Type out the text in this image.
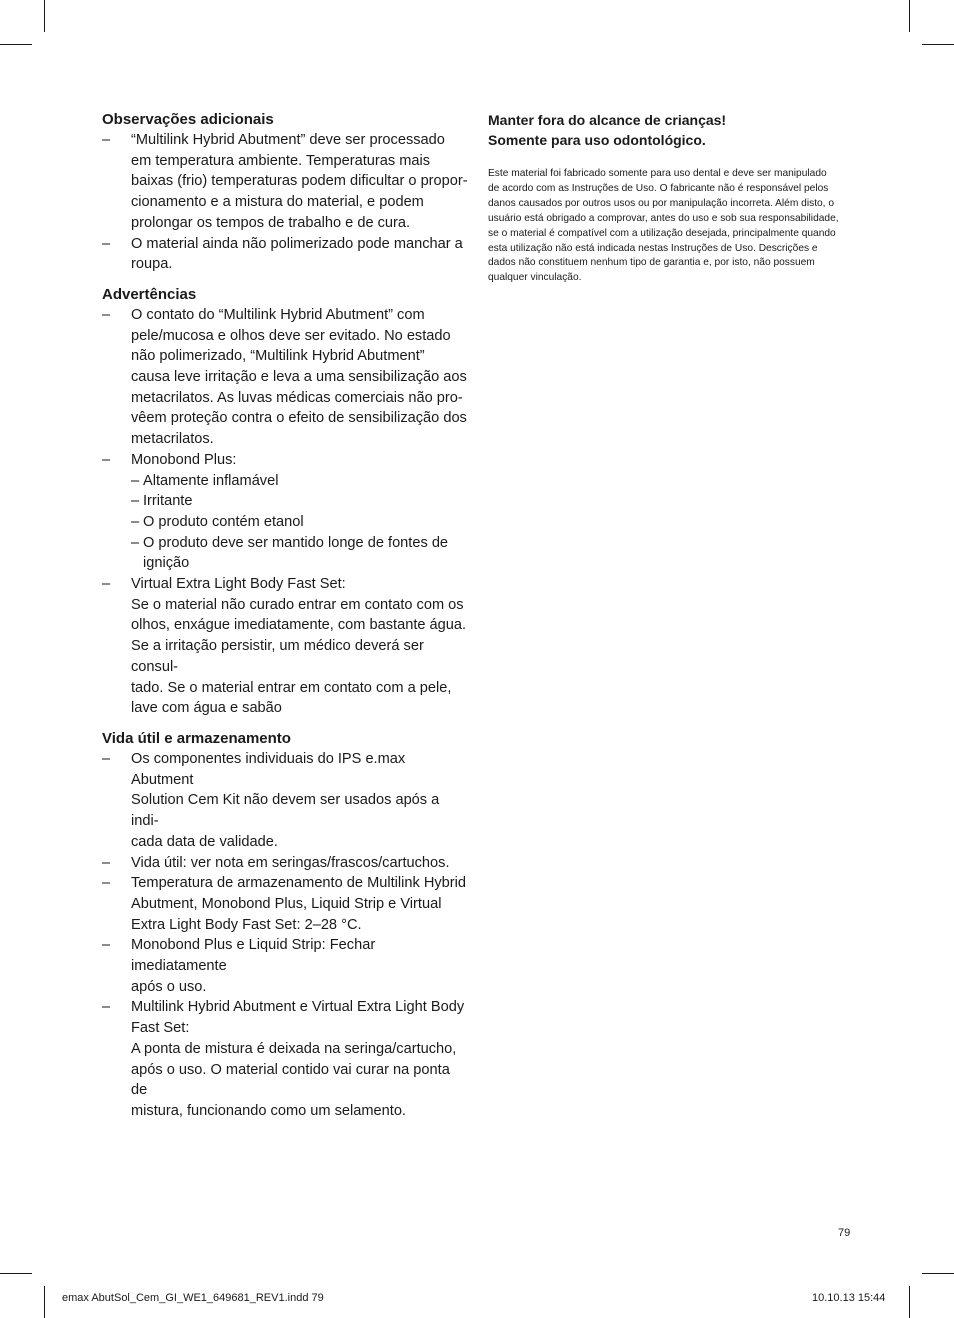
Observações adicionais

– “Multilink Hybrid Abutment” deve ser processado
em temperatura ambiente. Temperaturas mais
baixas (frio) temperaturas podem dificultar o propor-
cionamento e a mistura do material, e podem
prolongar os tempos de trabalho e de cura.
– O material ainda não polimerizado pode manchar a
roupa.

Advertências

– O contato do “Multilink Hybrid Abutment” com
pele/mucosa e olhos deve ser evitado. No estado
não polimerizado, “Multilink Hybrid Abutment”
causa leve irritação e leva a uma sensibilização aos
metacrilatos. As luvas médicas comerciais não pro-
vêem proteção contra o efeito de sensibilização dos
metacrilatos.
– Monobond Plus:
– Altamente inflamável
– Irritante
– O produto contém etanol
– O produto deve ser mantido longe de fontes de
ignição
– Virtual Extra Light Body Fast Set:
Se o material não curado entrar em contato com os
olhos, enxágue imediatamente, com bastante água.
Se a irritação persistir, um médico deverá ser consul-
tado. Se o material entrar em contato com a pele,
lave com água e sabão

Vida útil e armazenamento

– Os componentes individuais do IPS e.max Abutment
Solution Cem Kit não devem ser usados após a indi-
cada data de validade.
– Vida útil: ver nota em seringas/frascos/cartuchos.
– Temperatura de armazenamento de Multilink Hybrid
Abutment, Monobond Plus, Liquid Strip e Virtual
Extra Light Body Fast Set: 2–28 °C.
– Monobond Plus e Liquid Strip: Fechar imediatamente
após o uso.
– Multilink Hybrid Abutment e Virtual Extra Light Body
Fast Set:
A ponta de mistura é deixada na seringa/cartucho,
após o uso. O material contido vai curar na ponta de
mistura, funcionando como um selamento.

Manter fora do alcance de crianças!
Somente para uso odontológico.

Este material foi fabricado somente para uso dental e deve ser manipulado
de acordo com as Instruções de Uso. O fabricante não é responsável pelos
danos causados por outros usos ou por manipulação incorreta. Além disto, o
usuário está obrigado a comprovar, antes do uso e sob sua responsabilidade,
se o material é compatível com a utilização desejada, principalmente quando
esta utilização não está indicada nestas Instruções de Uso. Descrições e
dados não constituem nenhum tipo de garantia e, por isto, não possuem
qualquer vinculação.
79
emax AbutSol_Cem_GI_WE1_649681_REV1.indd 79	10.10.13 15:44
